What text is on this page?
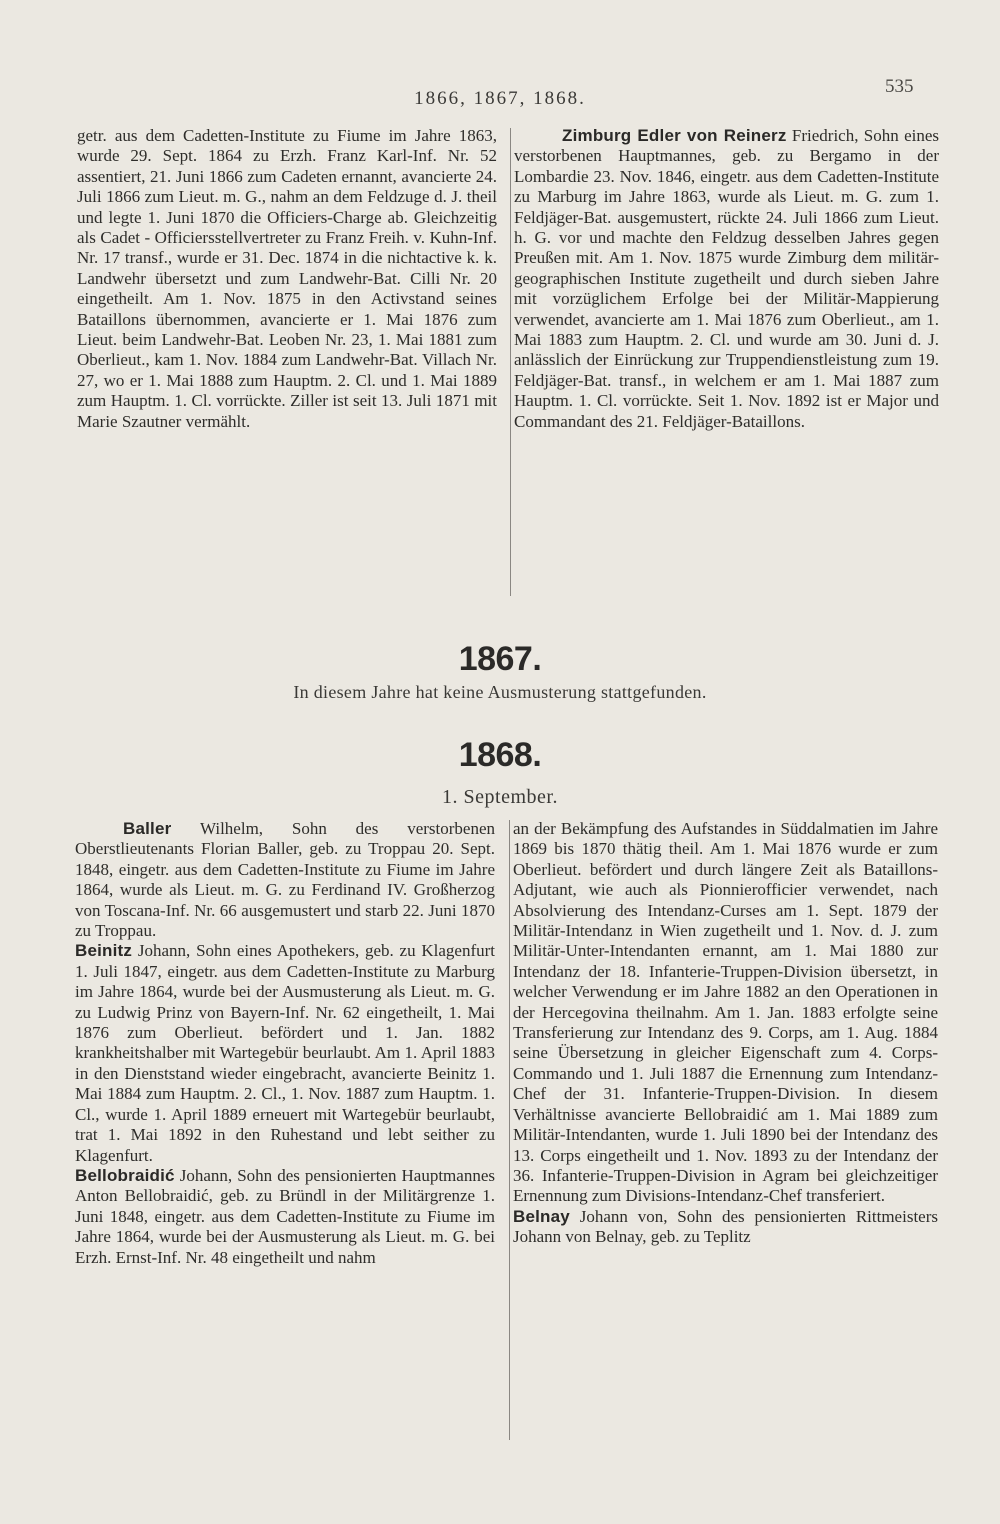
1866, 1867, 1868.
535

getr. aus dem Cadetten-Institute zu Fiume im Jahre 1863, wurde 29. Sept. 1864 zu Erzh. Franz Karl-Inf. Nr. 52 assentiert, 21. Juni 1866 zum Cadeten ernannt, avancierte 24. Juli 1866 zum Lieut. m. G., nahm an dem Feldzuge d. J. theil und legte 1. Juni 1870 die Officiers-Charge ab. Gleichzeitig als Cadet - Officiersstellvertreter zu Franz Freih. v. Kuhn-Inf. Nr. 17 transf., wurde er 31. Dec. 1874 in die nichtactive k. k. Landwehr übersetzt und zum Landwehr-Bat. Cilli Nr. 20 eingetheilt. Am 1. Nov. 1875 in den Activstand seines Bataillons übernommen, avancierte er 1. Mai 1876 zum Lieut. beim Landwehr-Bat. Leoben Nr. 23, 1. Mai 1881 zum Oberlieut., kam 1. Nov. 1884 zum Landwehr-Bat. Villach Nr. 27, wo er 1. Mai 1888 zum Hauptm. 2. Cl. und 1. Mai 1889 zum Hauptm. 1. Cl. vorrückte. Ziller ist seit 13. Juli 1871 mit Marie Szautner vermählt.

Zimburg Edler von Reinerz Friedrich, Sohn eines verstorbenen Hauptmannes, geb. zu Bergamo in der Lombardie 23. Nov. 1846, eingetr. aus dem Cadetten-Institute zu Marburg im Jahre 1863, wurde als Lieut. m. G. zum 1. Feldjäger-Bat. ausgemustert, rückte 24. Juli 1866 zum Lieut. h. G. vor und machte den Feldzug desselben Jahres gegen Preußen mit. Am 1. Nov. 1875 wurde Zimburg dem militär-geographischen Institute zugetheilt und durch sieben Jahre mit vorzüglichem Erfolge bei der Militär-Mappierung verwendet, avancierte am 1. Mai 1876 zum Oberlieut., am 1. Mai 1883 zum Hauptm. 2. Cl. und wurde am 30. Juni d. J. anlässlich der Einrückung zur Truppendienstleistung zum 19. Feldjäger-Bat. transf., in welchem er am 1. Mai 1887 zum Hauptm. 1. Cl. vorrückte. Seit 1. Nov. 1892 ist er Major und Commandant des 21. Feldjäger-Bataillons.

1867.
In diesem Jahre hat keine Ausmusterung stattgefunden.
1868.
1. September.

Baller Wilhelm, Sohn des verstorbenen Oberstlieutenants Florian Baller, geb. zu Troppau 20. Sept. 1848, eingetr. aus dem Cadetten-Institute zu Fiume im Jahre 1864, wurde als Lieut. m. G. zu Ferdinand IV. Großherzog von Toscana-Inf. Nr. 66 ausgemustert und starb 22. Juni 1870 zu Troppau.

Beinitz Johann, Sohn eines Apothekers, geb. zu Klagenfurt 1. Juli 1847, eingetr. aus dem Cadetten-Institute zu Marburg im Jahre 1864, wurde bei der Ausmusterung als Lieut. m. G. zu Ludwig Prinz von Bayern-Inf. Nr. 62 eingetheilt, 1. Mai 1876 zum Oberlieut. befördert und 1. Jan. 1882 krankheitshalber mit Wartegebür beurlaubt. Am 1. April 1883 in den Dienststand wieder eingebracht, avancierte Beinitz 1. Mai 1884 zum Hauptm. 2. Cl., 1. Nov. 1887 zum Hauptm. 1. Cl., wurde 1. April 1889 erneuert mit Wartegebür beurlaubt, trat 1. Mai 1892 in den Ruhestand und lebt seither zu Klagenfurt.

Bellobraidić Johann, Sohn des pensionierten Hauptmannes Anton Bellobraidić, geb. zu Bründl in der Militärgrenze 1. Juni 1848, eingetr. aus dem Cadetten-Institute zu Fiume im Jahre 1864, wurde bei der Ausmusterung als Lieut. m. G. bei Erzh. Ernst-Inf. Nr. 48 eingetheilt und nahm

an der Bekämpfung des Aufstandes in Süddalmatien im Jahre 1869 bis 1870 thätig theil. Am 1. Mai 1876 wurde er zum Oberlieut. befördert und durch längere Zeit als Bataillons-Adjutant, wie auch als Pionnierofficier verwendet, nach Absolvierung des Intendanz-Curses am 1. Sept. 1879 der Militär-Intendanz in Wien zugetheilt und 1. Nov. d. J. zum Militär-Unter-Intendanten ernannt, am 1. Mai 1880 zur Intendanz der 18. Infanterie-Truppen-Division übersetzt, in welcher Verwendung er im Jahre 1882 an den Operationen in der Hercegovina theilnahm. Am 1. Jan. 1883 erfolgte seine Transferierung zur Intendanz des 9. Corps, am 1. Aug. 1884 seine Übersetzung in gleicher Eigenschaft zum 4. Corps-Commando und 1. Juli 1887 die Ernennung zum Intendanz-Chef der 31. Infanterie-Truppen-Division. In diesem Verhältnisse avancierte Bellobraidić am 1. Mai 1889 zum Militär-Intendanten, wurde 1. Juli 1890 bei der Intendanz des 13. Corps eingetheilt und 1. Nov. 1893 zu der Intendanz der 36. Infanterie-Truppen-Division in Agram bei gleichzeitiger Ernennung zum Divisions-Intendanz-Chef transferiert.

Belnay Johann von, Sohn des pensionierten Rittmeisters Johann von Belnay, geb. zu Teplitz
